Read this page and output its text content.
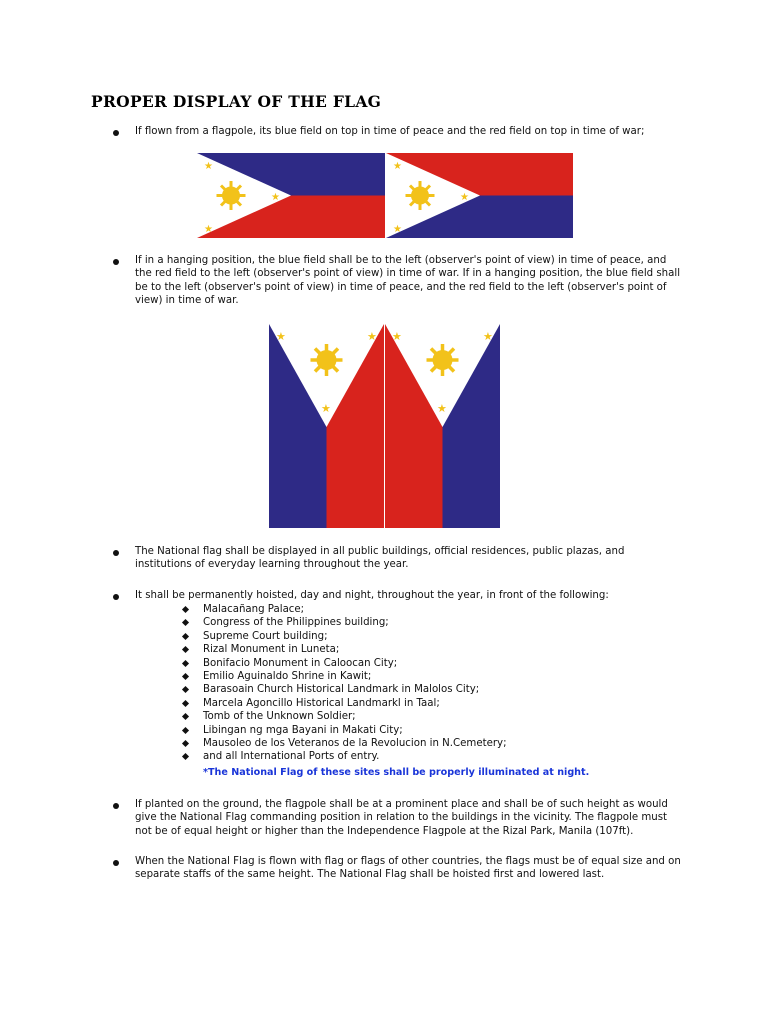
PROPER DISPLAY OF THE FLAG

If flown from a flagpole, its blue field on top in time of peace and the red field on top in time of war;

★
★
★
★
★
★

If in a hanging position, the blue field shall be to the left (observer's point of view) in time of peace, and the red field to the left (observer's point of view) in time of war. If in a hanging position, the blue field shall be to the left (observer's point of view) in time of peace, and the red field to the left (observer's point of view) in time of war.

★	★
★
★	★
★

The National flag shall be displayed in all public buildings, official residences, public plazas, and institutions of everyday learning throughout the year.

It shall be permanently hoisted, day and night, throughout the year, in front of the following:

Malacañang Palace;
Congress of the Philippines building;
Supreme Court building;
Rizal Monument in Luneta;
Bonifacio Monument in Caloocan City;
Emilio Aguinaldo Shrine in Kawit;
Barasoain Church Historical Landmark in Malolos City;
Marcela Agoncillo Historical Landmarkl in Taal;
Tomb of the Unknown Soldier;
Libingan ng mga Bayani in Makati City;
Mausoleo de los Veteranos de la Revolucion in N.Cemetery;
and all International Ports of entry.

*The National Flag of these sites shall be properly illuminated at night.

If planted on the ground, the flagpole shall be at a prominent place and shall be of such height as would give the National Flag commanding position in relation to the buildings in the vicinity. The flagpole must not be of equal height or higher than the Independence Flagpole at the Rizal Park, Manila (107ft).

When the National Flag is flown with flag or flags of other countries, the flags must be of equal size and on separate staffs of the same height. The National Flag shall be hoisted first and lowered last.
